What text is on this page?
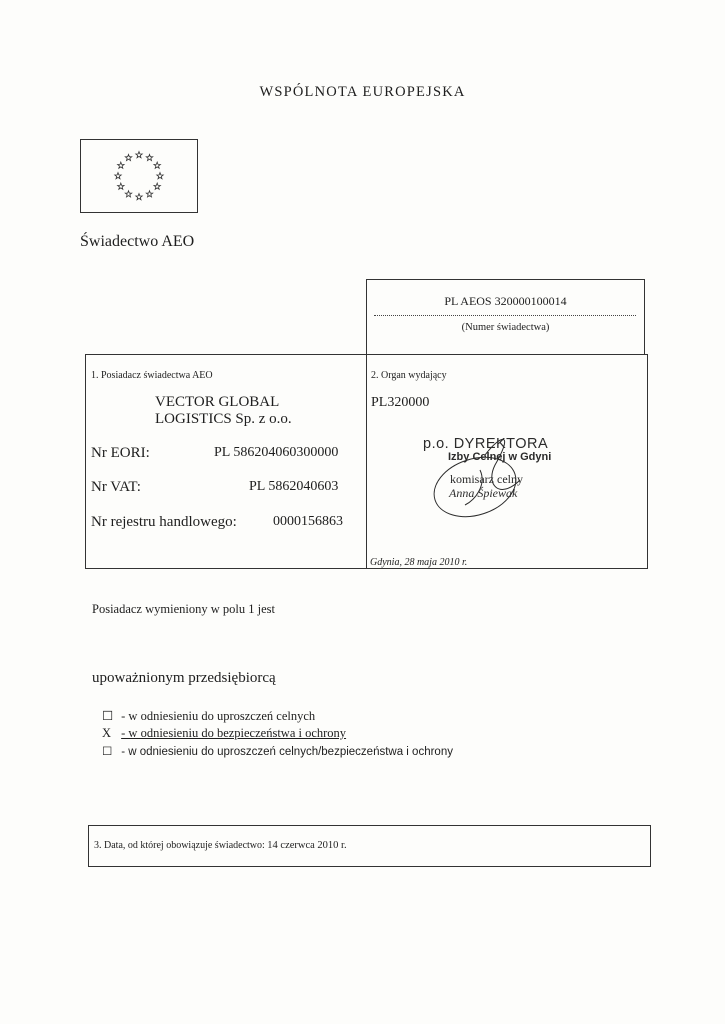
WSPÓLNOTA EUROPEJSKA
Świadectwo AEO
PL AEOS 320000100014
(Numer świadectwa)
1. Posiadacz świadectwa AEO
VECTOR GLOBAL
LOGISTICS Sp. z o.o.
Nr EORI:	PL 586204060300000
Nr VAT:	PL 5862040603
Nr rejestru handlowego:	0000156863
2. Organ wydający
PL320000
p.o. DYREKTORA
Izby Celnej w Gdyni
komisarz celny
Anna Śpiewak
Gdynia, 28 maja 2010 r.
Posiadacz wymieniony w polu 1 jest
upoważnionym przedsiębiorcą
☐ - w odniesieniu do uproszczeń celnych
X - w odniesieniu do bezpieczeństwa i ochrony
☐ - w odniesieniu do uproszczeń celnych/bezpieczeństwa i ochrony
3. Data, od której obowiązuje świadectwo: 14 czerwca 2010 r.
